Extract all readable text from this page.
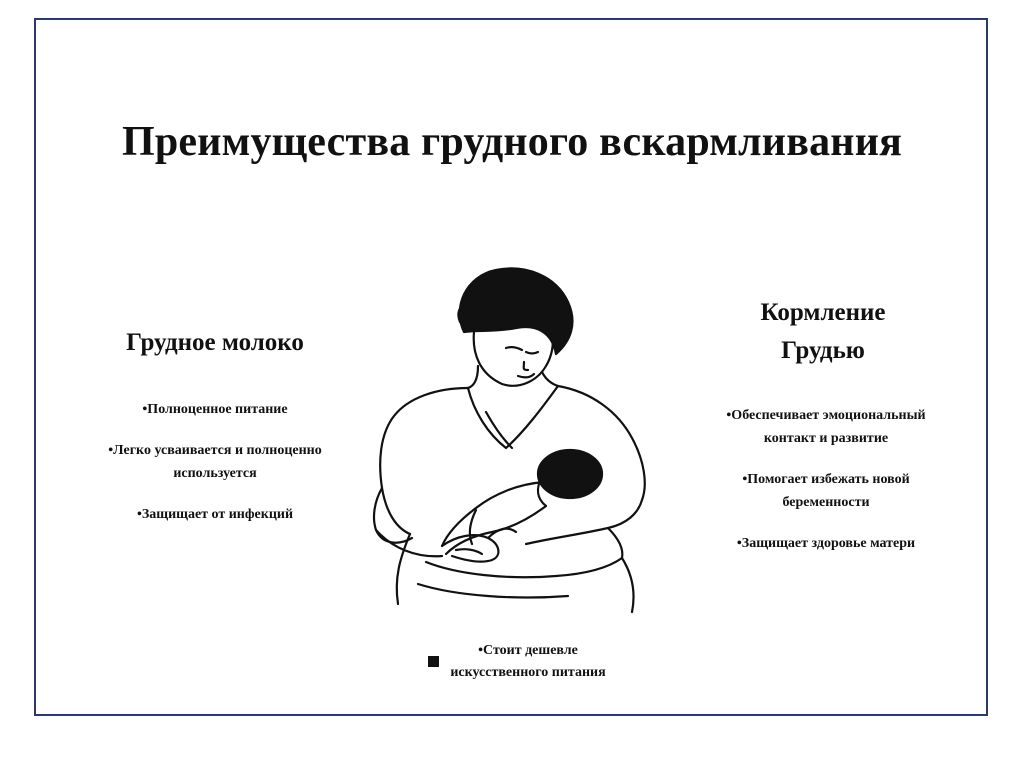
Преимущества грудного вскармливания
Грудное молоко
•Полноценное питание
•Легко усваивается и полноценно используется
•Защищает от инфекций
Кормление
Грудью
•Обеспечивает эмоциональный контакт и развитие
•Помогает избежать новой беременности
•Защищает здоровье матери
•Стоит дешевле искусственного питания
